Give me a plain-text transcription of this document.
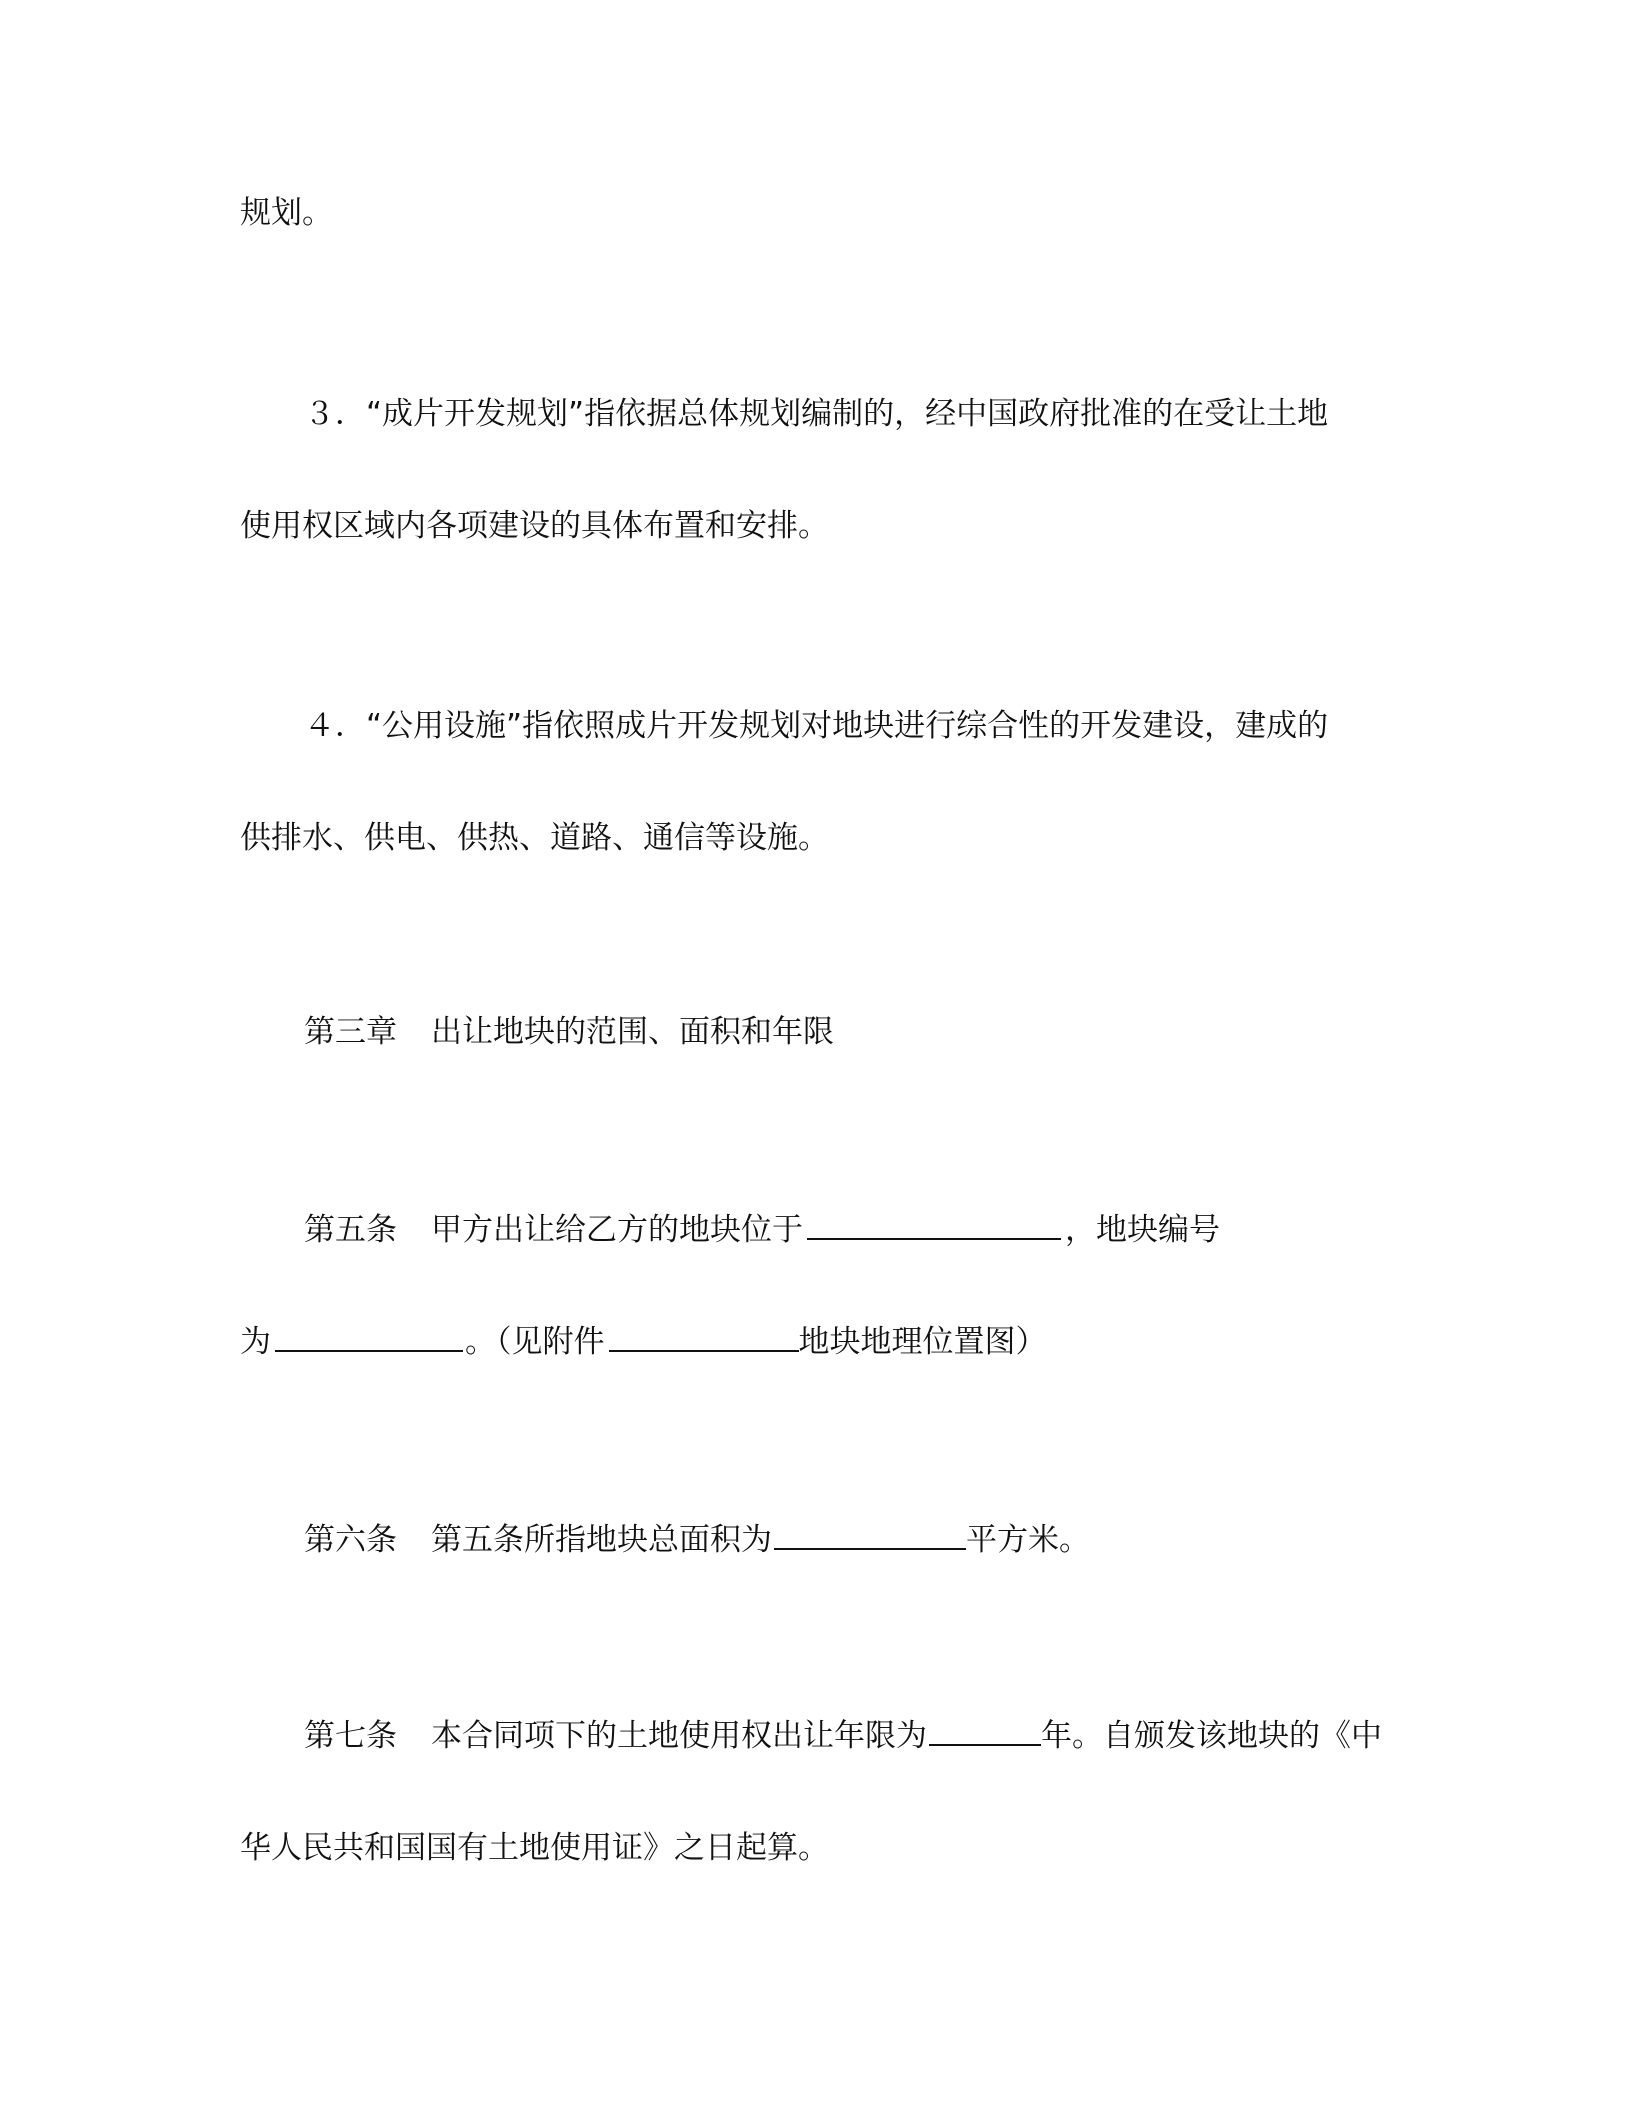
规划。
３．“成片开发规划”指依据总体规划编制的，经中国政府批准的在受让土地
使用权区域内各项建设的具体布置和安排。
４．“公用设施”指依照成片开发规划对地块进行综合性的开发建设，建成的
供排水、供电、供热、道路、通信等设施。
第三章 出让地块的范围、面积和年限
第五条 甲方出让给乙方的地块位于	，地块编号
为	。（见附件	地块地理位置图）
第六条 第五条所指地块总面积为	平方米。
第七条 本合同项下的土地使用权出让年限为	年。自颁发该地块的《中
华人民共和国国有土地使用证》之日起算。
